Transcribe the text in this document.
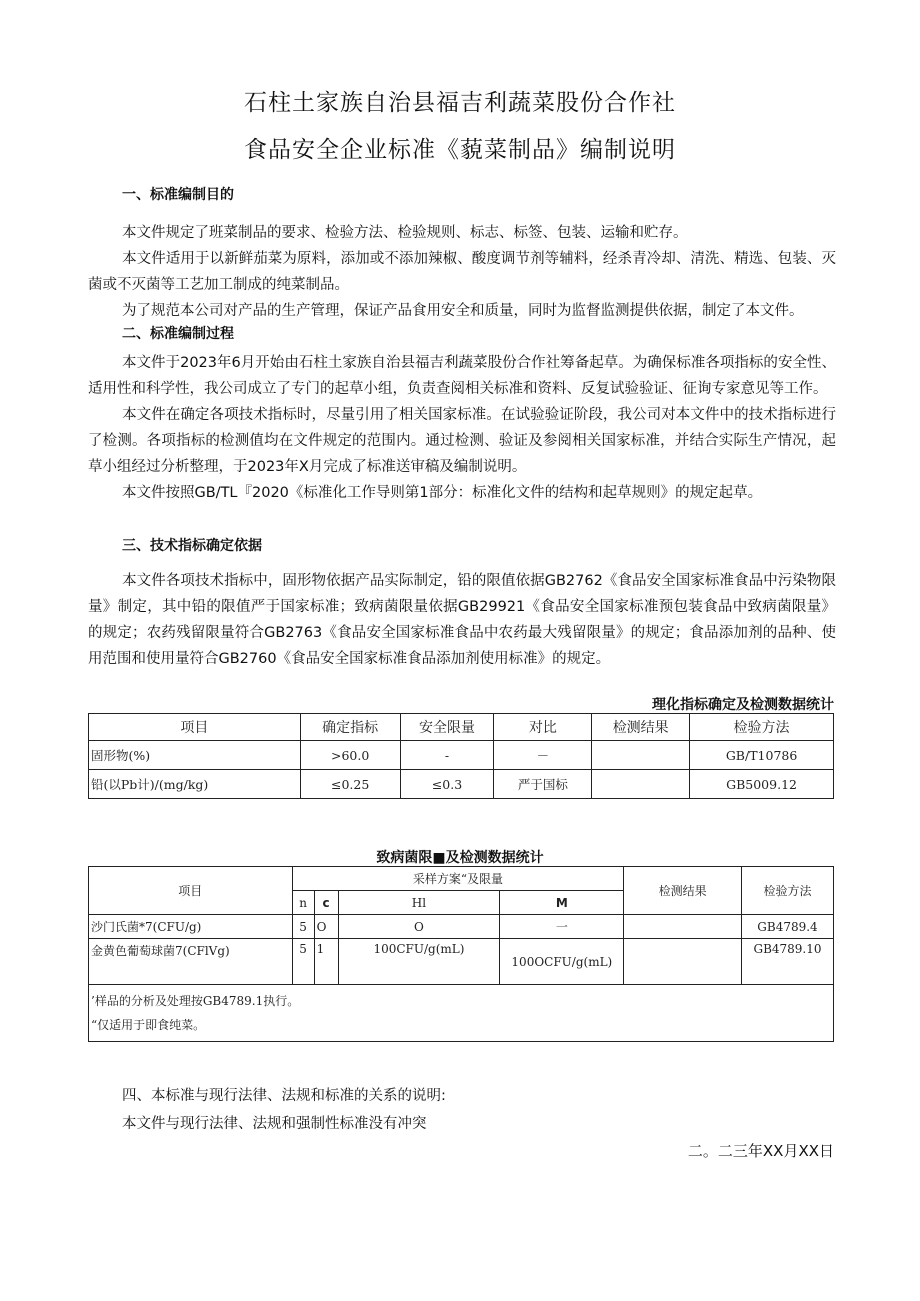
石柱土家族自治县福吉利蔬菜股份合作社
食品安全企业标准《藐菜制品》编制说明
一、标准编制目的
本文件规定了班菜制品的要求、检验方法、检验规则、标志、标签、包装、运输和贮存。
本文件适用于以新鲜茄菜为原料，添加或不添加辣椒、酸度调节剂等辅料，经杀青冷却、清洗、精选、包装、灭菌或不灭菌等工艺加工制成的纯菜制品。
为了规范本公司对产品的生产管理，保证产品食用安全和质量，同时为监督监测提供依据，制定了本文件。
二、标准编制过程
本文件于2023年6月开始由石柱土家族自治县福吉利蔬菜股份合作社筹备起草。为确保标准各项指标的安全性、适用性和科学性，我公司成立了专门的起草小组，负责查阅相关标准和资料、反复试验验证、征询专家意见等工作。
本文件在确定各项技术指标时，尽量引用了相关国家标准。在试验验证阶段，我公司对本文件中的技术指标进行了检测。各项指标的检测值均在文件规定的范围内。通过检测、验证及参阅相关国家标准，并结合实际生产情况，起草小组经过分析整理，于2023年X月完成了标准送审稿及编制说明。
本文件按照GB/TL『2020《标准化工作导则第1部分：标准化文件的结构和起草规则》的规定起草。
三、技术指标确定依据
本文件各项技术指标中，固形物依据产品实际制定，铅的限值依据GB2762《食品安全国家标准食品中污染物限量》制定，其中铅的限值严于国家标准；致病菌限量依据GB29921《食品安全国家标准预包装食品中致病菌限量》的规定；农药残留限量符合GB2763《食品安全国家标准食品中农药最大残留限量》的规定；食品添加剂的品种、使用范围和使用量符合GB2760《食品安全国家标准食品添加剂使用标准》的规定。
理化指标确定及检测数据统计
项目	确定指标	安全限量	对比	检测结果	检验方法
固形物(%)	>60.0	-	－		GB/T10786
铅(以Pb计)/(mg/kg)	≤0.25	≤0.3	严于国标		GB5009.12
致病菌限■及检测数据统计
项目	采样方案“及限量				检测结果	检验方法
	n	c	Hl	M		
沙门氏菌*7(CFU/g)	5	O	O	一		GB4789.4
金黄色葡萄球菌7(CFlVg)	5	1	100CFU/g(mL)	100OCFU/g(mL)		GB4789.10

’样品的分析及处理按GB4789.1执行。
“仅适用于即食纯菜。						
四、本标准与现行法律、法规和标准的关系的说明:
本文件与现行法律、法规和强制性标准没有冲突
二。二三年XX月XX日
